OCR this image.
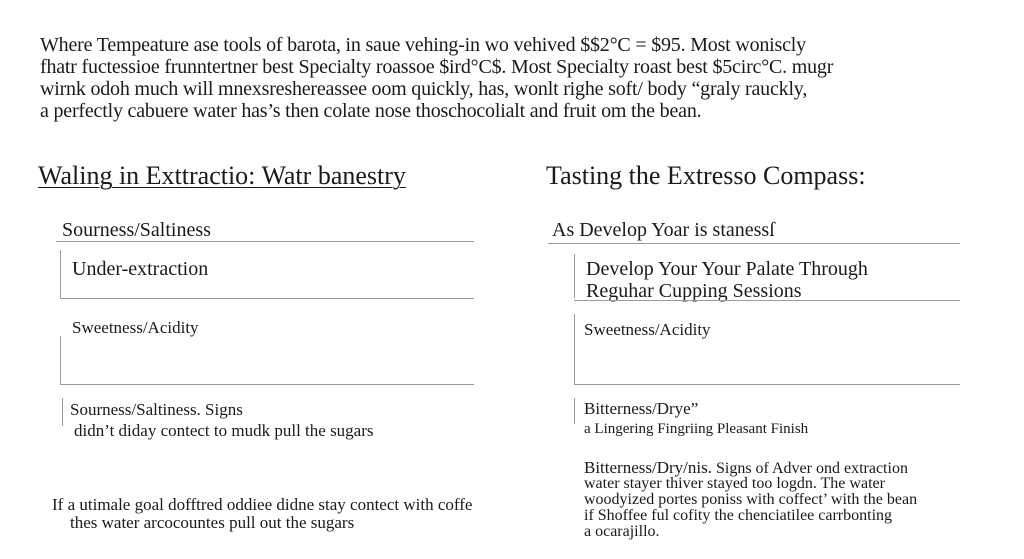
Where Tempeature ase tools of barota, in saue vehing-in wo vehived $$2°C = $95. Most woniscly
fhatr fuctessioe frunntertner best Specialty roassoe $ird°C$. Most Specialty roast best $5circ°C. mugr
wirnk odoh much will mnexsreshereassee oom quickly, has, wonlt righe soft/ body “graly rauckly,
a perfectly cabuere water has’s then colate nose thoschocolialt and fruit om the bean.
Waling in Exttractio: Watr banestry
Sourness/Saltiness
Under-extraction
Sweetness/Acidity
Sourness/Saltiness. Signs
didn’t diday contect to mudk pull the sugars
If a utimale goal dofftred oddiee didne stay contect with coffe
thes water arcocountes pull out the sugars
Tasting the Extresso Compass:
As Develop Yoar is stanessſ
Develop Your Your Palate Through
Reguhar Cupping Sessions
Sweetness/Acidity
Bitterness/Drye”
a Lingering Fingriing Pleasant Finish
Bitterness/Dry/nis. Signs of Adver ond extraction
water stayer thiver stayed too logdn. The water
woodyized portes poniss with coffect’ with the bean
if Shoffee ful cofity the chenciatilee carrbonting
a ocarajillo.
